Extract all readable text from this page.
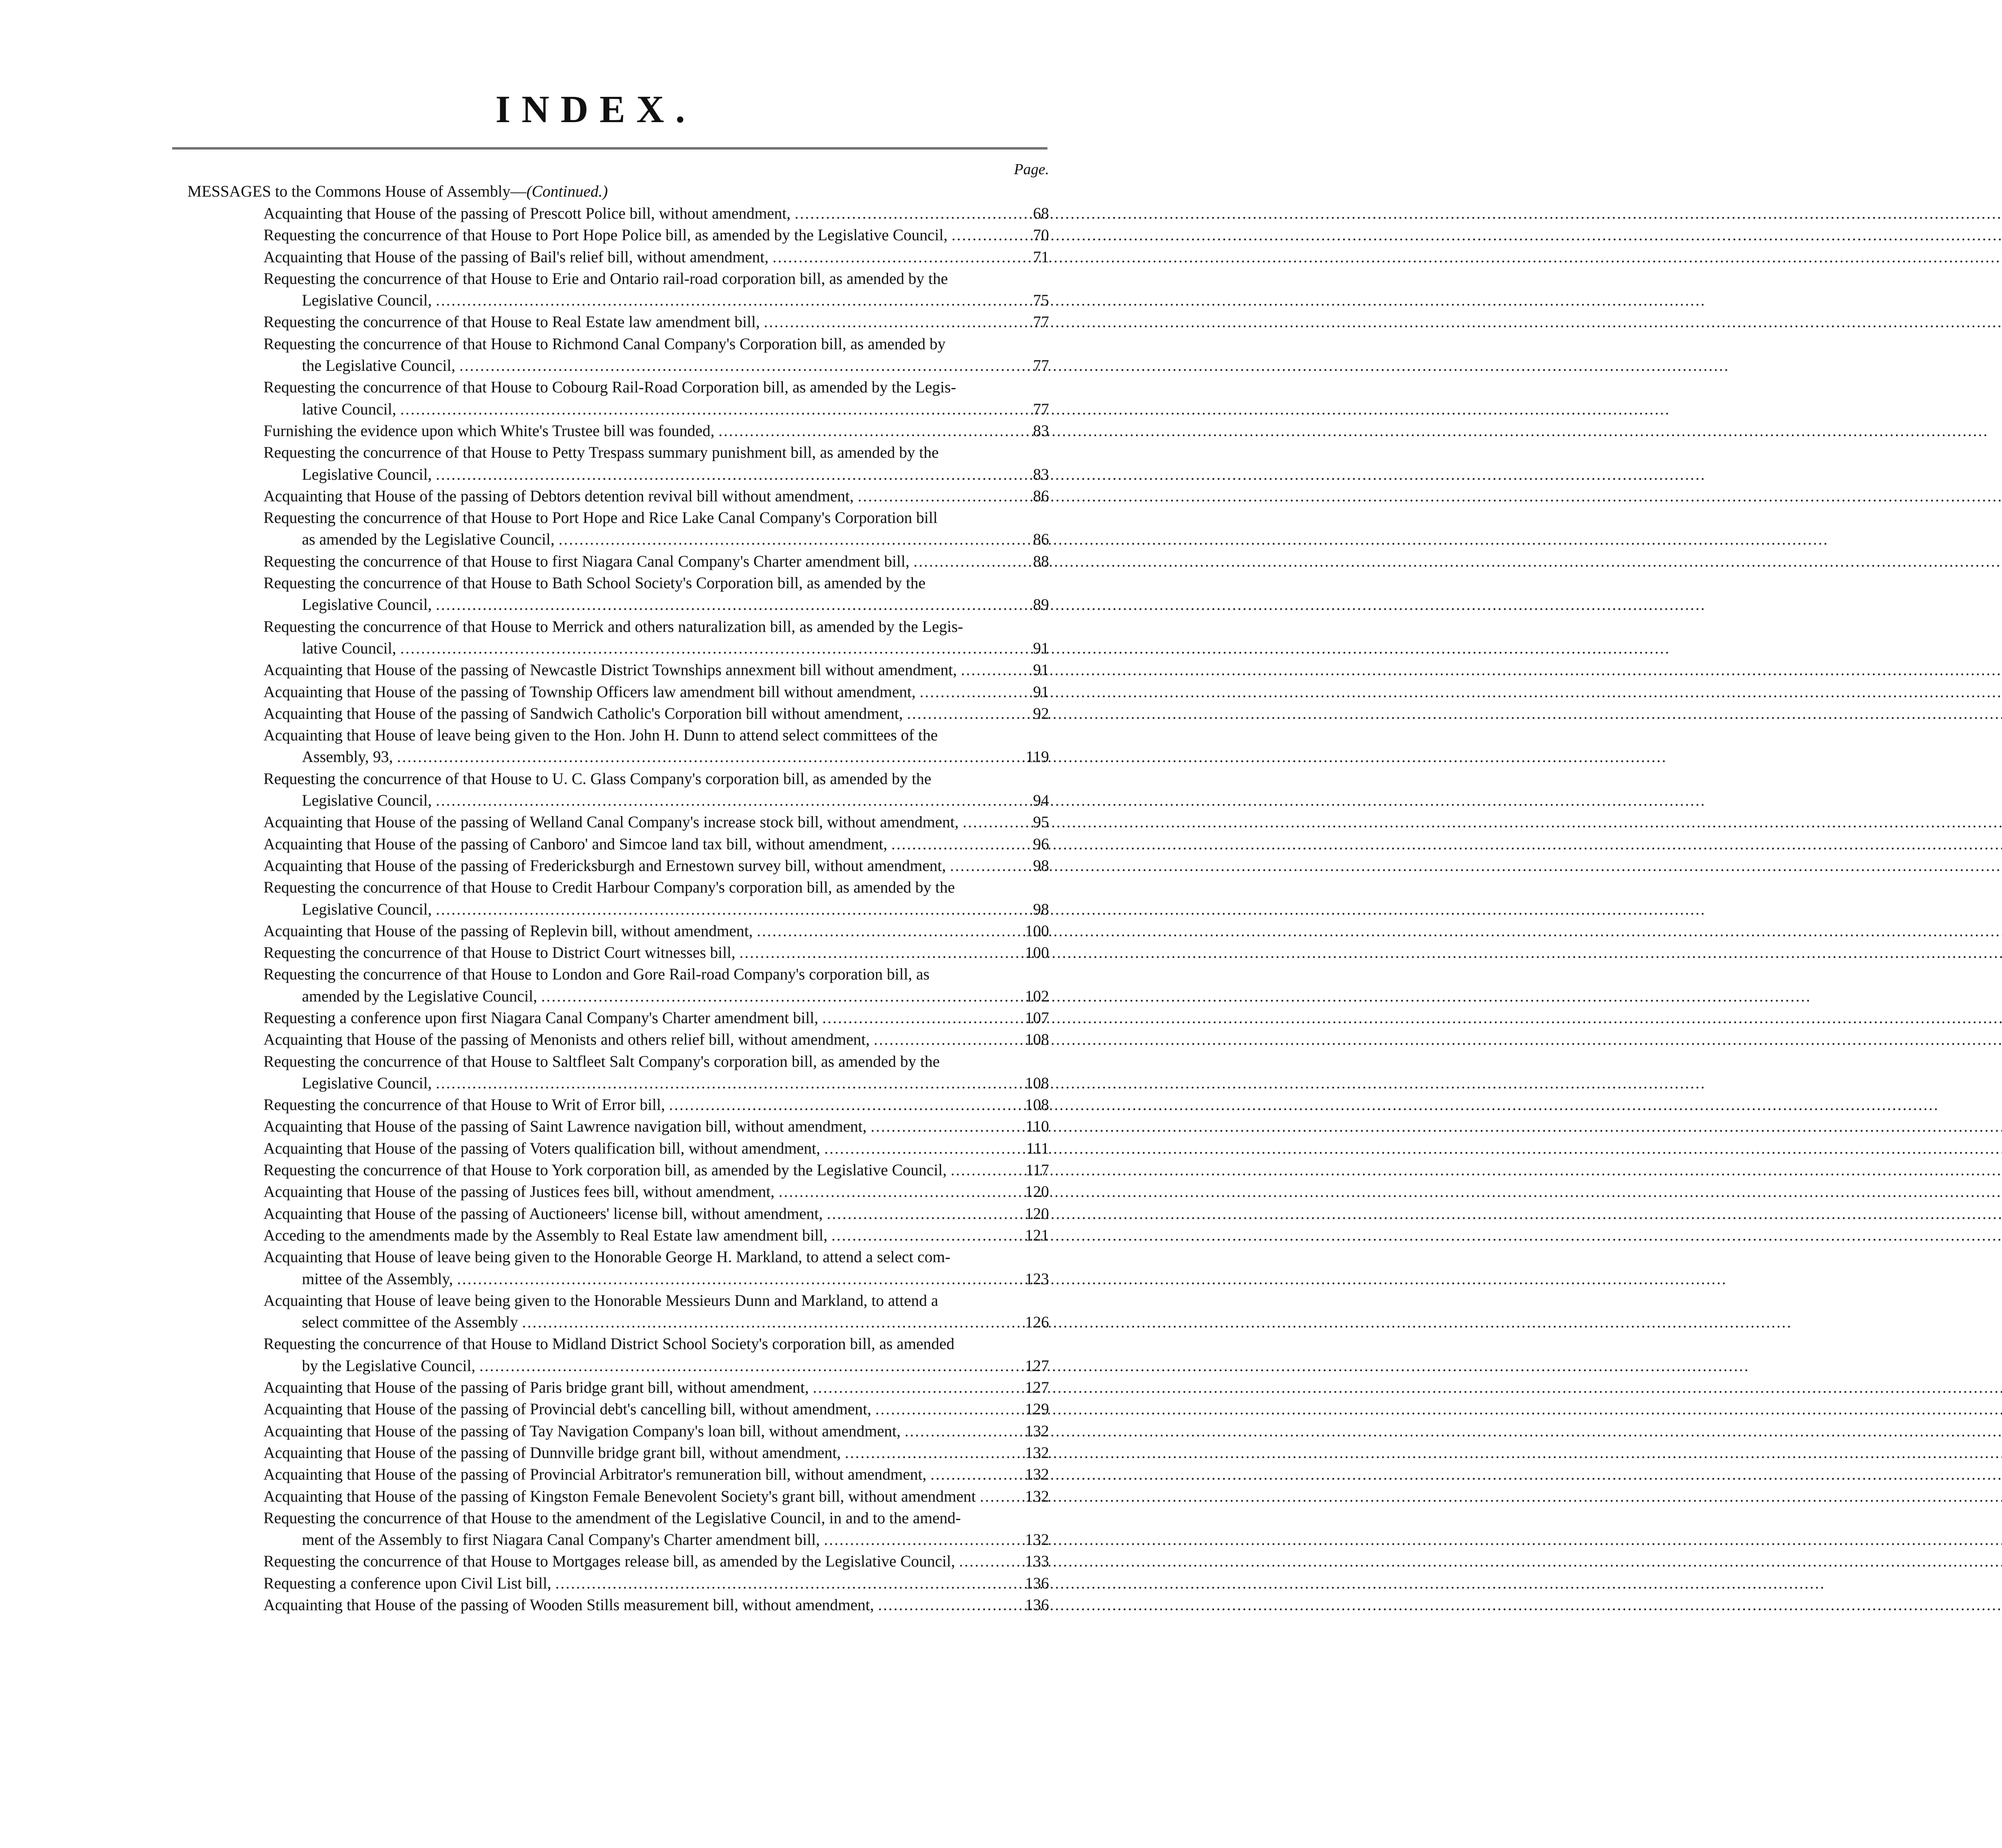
INDEX.
Page.
MESSAGES to the Commons House of Assembly—(Continued.)
Acquainting that House of the passing of Prescott Police bill, without amendment, .....	68
Requesting the concurrence of that House to Port Hope Police bill, as amended by the Legislative Council, .....	70
Acquainting that House of the passing of Bail's relief bill, without amendment, .....	71
Requesting the concurrence of that House to Erie and Ontario rail-road corporation bill, as amended by the
Legislative Council, .....	75
Requesting the concurrence of that House to Real Estate law amendment bill, .....	77
Requesting the concurrence of that House to Richmond Canal Company's Corporation bill, as amended by
the Legislative Council, .....	77
Requesting the concurrence of that House to Cobourg Rail-Road Corporation bill, as amended by the Legis-
lative Council, .....	77
Furnishing the evidence upon which White's Trustee bill was founded, .....	83
Requesting the concurrence of that House to Petty Trespass summary punishment bill, as amended by the
Legislative Council, .....	83
Acquainting that House of the passing of Debtors detention revival bill without amendment, .....	86
Requesting the concurrence of that House to Port Hope and Rice Lake Canal Company's Corporation bill
as amended by the Legislative Council, .....	86
Requesting the concurrence of that House to first Niagara Canal Company's Charter amendment bill, .....	88
Requesting the concurrence of that House to Bath School Society's Corporation bill, as amended by the
Legislative Council, .....	89
Requesting the concurrence of that House to Merrick and others naturalization bill, as amended by the Legis-
lative Council, .....	91
Acquainting that House of the passing of Newcastle District Townships annexment bill without amendment, .....	91
Acquainting that House of the passing of Township Officers law amendment bill without amendment, .....	91
Acquainting that House of the passing of Sandwich Catholic's Corporation bill without amendment, .....	92
Acquainting that House of leave being given to the Hon. John H. Dunn to attend select committees of the
Assembly, 93, .....	119
Requesting the concurrence of that House to U. C. Glass Company's corporation bill, as amended by the
Legislative Council, .....	94
Acquainting that House of the passing of Welland Canal Company's increase stock bill, without amendment, .....	95
Acquainting that House of the passing of Canboro' and Simcoe land tax bill, without amendment, .....	96
Acquainting that House of the passing of Fredericksburgh and Ernestown survey bill, without amendment, .....	98
Requesting the concurrence of that House to Credit Harbour Company's corporation bill, as amended by the
Legislative Council, .....	98
Acquainting that House of the passing of Replevin bill, without amendment, .....	100
Requesting the concurrence of that House to District Court witnesses bill, .....	100
Requesting the concurrence of that House to London and Gore Rail-road Company's corporation bill, as
amended by the Legislative Council, .....	102
Requesting a conference upon first Niagara Canal Company's Charter amendment bill, .....	107
Acquainting that House of the passing of Menonists and others relief bill, without amendment, .....	108
Requesting the concurrence of that House to Saltfleet Salt Company's corporation bill, as amended by the
Legislative Council, .....	108
Requesting the concurrence of that House to Writ of Error bill, .....	108
Acquainting that House of the passing of Saint Lawrence navigation bill, without amendment, .....	110
Acquainting that House of the passing of Voters qualification bill, without amendment, .....	111
Requesting the concurrence of that House to York corporation bill, as amended by the Legislative Council, .....	117
Acquainting that House of the passing of Justices fees bill, without amendment, .....	120
Acquainting that House of the passing of Auctioneers' license bill, without amendment, .....	120
Acceding to the amendments made by the Assembly to Real Estate law amendment bill, .....	121
Acquainting that House of leave being given to the Honorable George H. Markland, to attend a select com-
mittee of the Assembly, .....	123
Acquainting that House of leave being given to the Honorable Messieurs Dunn and Markland, to attend a
select committee of the Assembly .....	126
Requesting the concurrence of that House to Midland District School Society's corporation bill, as amended
by the Legislative Council, .....	127
Acquainting that House of the passing of Paris bridge grant bill, without amendment, .....	127
Acquainting that House of the passing of Provincial debt's cancelling bill, without amendment, .....	129
Acquainting that House of the passing of Tay Navigation Company's loan bill, without amendment, .....	132
Acquainting that House of the passing of Dunnville bridge grant bill, without amendment, .....	132
Acquainting that House of the passing of Provincial Arbitrator's remuneration bill, without amendment, .....	132
Acquainting that House of the passing of Kingston Female Benevolent Society's grant bill, without amendment .....	132
Requesting the concurrence of that House to the amendment of the Legislative Council, in and to the amend-
ment of the Assembly to first Niagara Canal Company's Charter amendment bill, .....	132
Requesting the concurrence of that House to Mortgages release bill, as amended by the Legislative Council, .....	133
Requesting a conference upon Civil List bill, .....	136
Acquainting that House of the passing of Wooden Stills measurement bill, without amendment, .....	136
